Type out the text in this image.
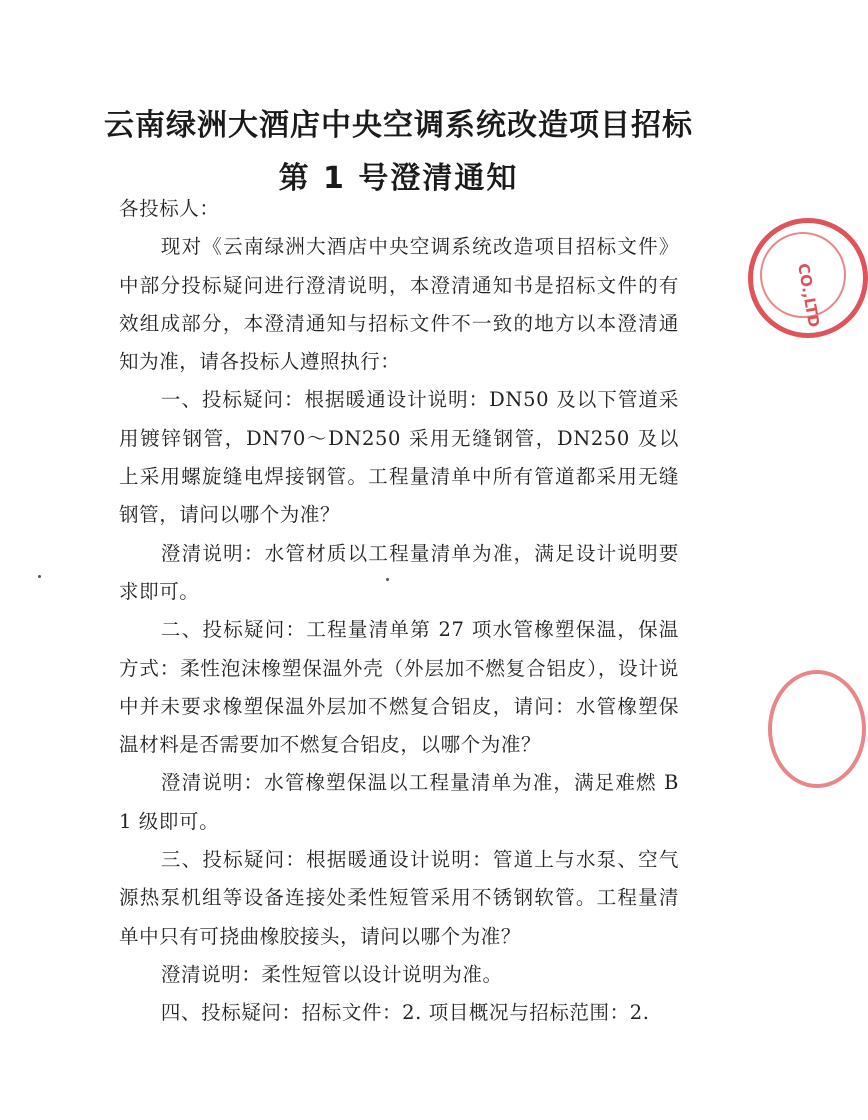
云南绿洲大酒店中央空调系统改造项目招标
第 1 号澄清通知

各投标人：

现对《云南绿洲大酒店中央空调系统改造项目招标文件》中部分投标疑问进行澄清说明，本澄清通知书是招标文件的有效组成部分，本澄清通知与招标文件不一致的地方以本澄清通知为准，请各投标人遵照执行：

一、投标疑问：根据暖通设计说明：DN50 及以下管道采用镀锌钢管，DN70～DN250 采用无缝钢管，DN250 及以上采用螺旋缝电焊接钢管。工程量清单中所有管道都采用无缝钢管，请问以哪个为准？

澄清说明：水管材质以工程量清单为准，满足设计说明要求即可。

二、投标疑问：工程量清单第 27 项水管橡塑保温，保温方式：柔性泡沫橡塑保温外壳（外层加不燃复合铝皮），设计说中并未要求橡塑保温外层加不燃复合铝皮，请问：水管橡塑保温材料是否需要加不燃复合铝皮，以哪个为准？

澄清说明：水管橡塑保温以工程量清单为准，满足难燃 B 1 级即可。

三、投标疑问：根据暖通设计说明：管道上与水泵、空气源热泵机组等设备连接处柔性短管采用不锈钢软管。工程量清单中只有可挠曲橡胶接头，请问以哪个为准？

澄清说明：柔性短管以设计说明为准。

四、投标疑问：招标文件：2. 项目概况与招标范围：2.

CO.,LTD
